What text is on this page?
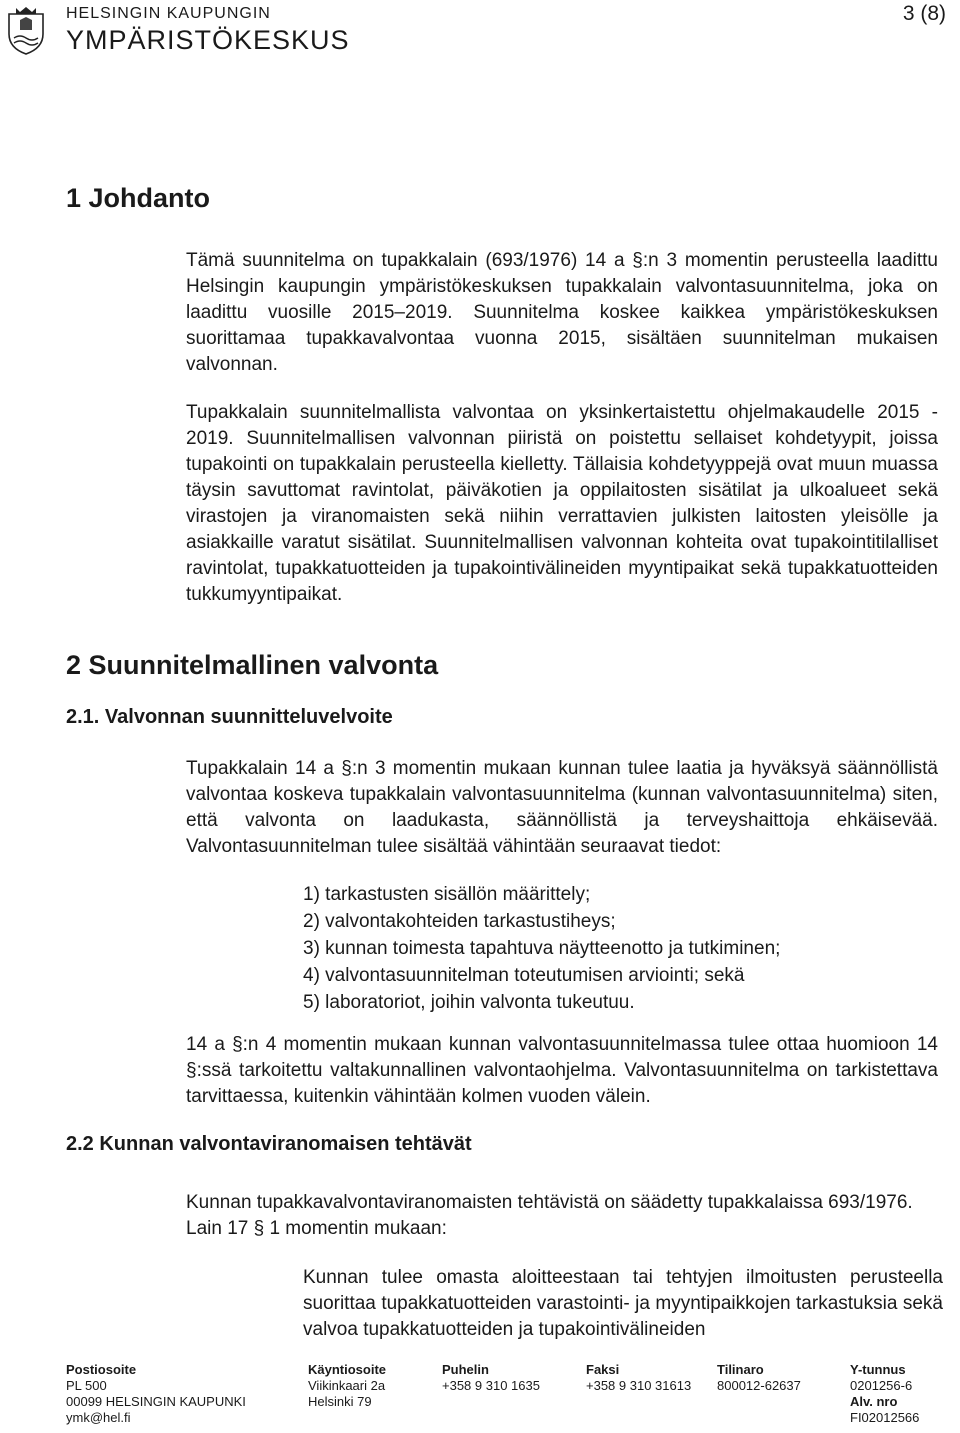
HELSINGIN KAUPUNGIN
YMPÄRISTÖKESKUS
3 (8)
1 Johdanto

Tämä suunnitelma on tupakkalain (693/1976) 14 a §:n 3 momentin perusteella laadittu Helsingin kaupungin ympäristökeskuksen tupakkalain valvontasuunnitelma, joka on laadittu vuosille 2015–2019. Suunnitelma koskee kaikkea ympäristökeskuksen suorittamaa tupakkavalvontaa vuonna 2015, sisältäen suunnitelman mukaisen valvonnan.

Tupakkalain suunnitelmallista valvontaa on yksinkertaistettu ohjelmakaudelle 2015 - 2019. Suunnitelmallisen valvonnan piiristä on poistettu sellaiset kohdetyypit, joissa tupakointi on tupakkalain perusteella kielletty. Tällaisia kohdetyyppejä ovat muun muassa täysin savuttomat ravintolat, päiväkotien ja oppilaitosten sisätilat ja ulkoalueet sekä virastojen ja viranomaisten sekä niihin verrattavien julkisten laitosten yleisölle ja asiakkaille varatut sisätilat. Suunnitelmallisen valvonnan kohteita ovat tupakointitilalliset ravintolat, tupakkatuotteiden ja tupakointivälineiden myyntipaikat sekä tupakkatuotteiden tukkumyyntipaikat.

2 Suunnitelmallinen valvonta
2.1. Valvonnan suunnitteluvelvoite

Tupakkalain 14 a §:n 3 momentin mukaan kunnan tulee laatia ja hyväksyä säännöllistä valvontaa koskeva tupakkalain valvontasuunnitelma (kunnan valvontasuunnitelma) siten, että valvonta on laadukasta, säännöllistä ja terveyshaittoja ehkäisevää. Valvontasuunnitelman tulee sisältää vähintään seuraavat tiedot:

1) tarkastusten sisällön määrittely;
2) valvontakohteiden tarkastustiheys;
3) kunnan toimesta tapahtuva näytteenotto ja tutkiminen;
4) valvontasuunnitelman toteutumisen arviointi; sekä
5) laboratoriot, joihin valvonta tukeutuu.

14 a §:n 4 momentin mukaan kunnan valvontasuunnitelmassa tulee ottaa huomioon 14 §:ssä tarkoitettu valtakunnallinen valvontaohjelma. Valvontasuunnitelma on tarkistettava tarvittaessa, kuitenkin vähintään kolmen vuoden välein.

2.2 Kunnan valvontaviranomaisen tehtävät

Kunnan tupakkavalvontaviranomaisten tehtävistä on säädetty tupakkalaissa 693/1976. Lain 17 § 1 momentin mukaan:

Kunnan tulee omasta aloitteestaan tai tehtyjen ilmoitusten perusteella suorittaa tupakkatuotteiden varastointi- ja myyntipaikkojen tarkastuksia sekä valvoa tupakkatuotteiden ja tupakointivälineiden

Postiosoite
PL 500
00099 HELSINGIN KAUPUNKI
ymk@hel.fi
Käyntiosoite
Viikinkaari 2a
Helsinki 79
Puhelin
+358 9 310 1635
Faksi
+358 9 310 31613
Tilinaro
800012-62637
Y-tunnus
0201256-6
Alv. nro
FI02012566
